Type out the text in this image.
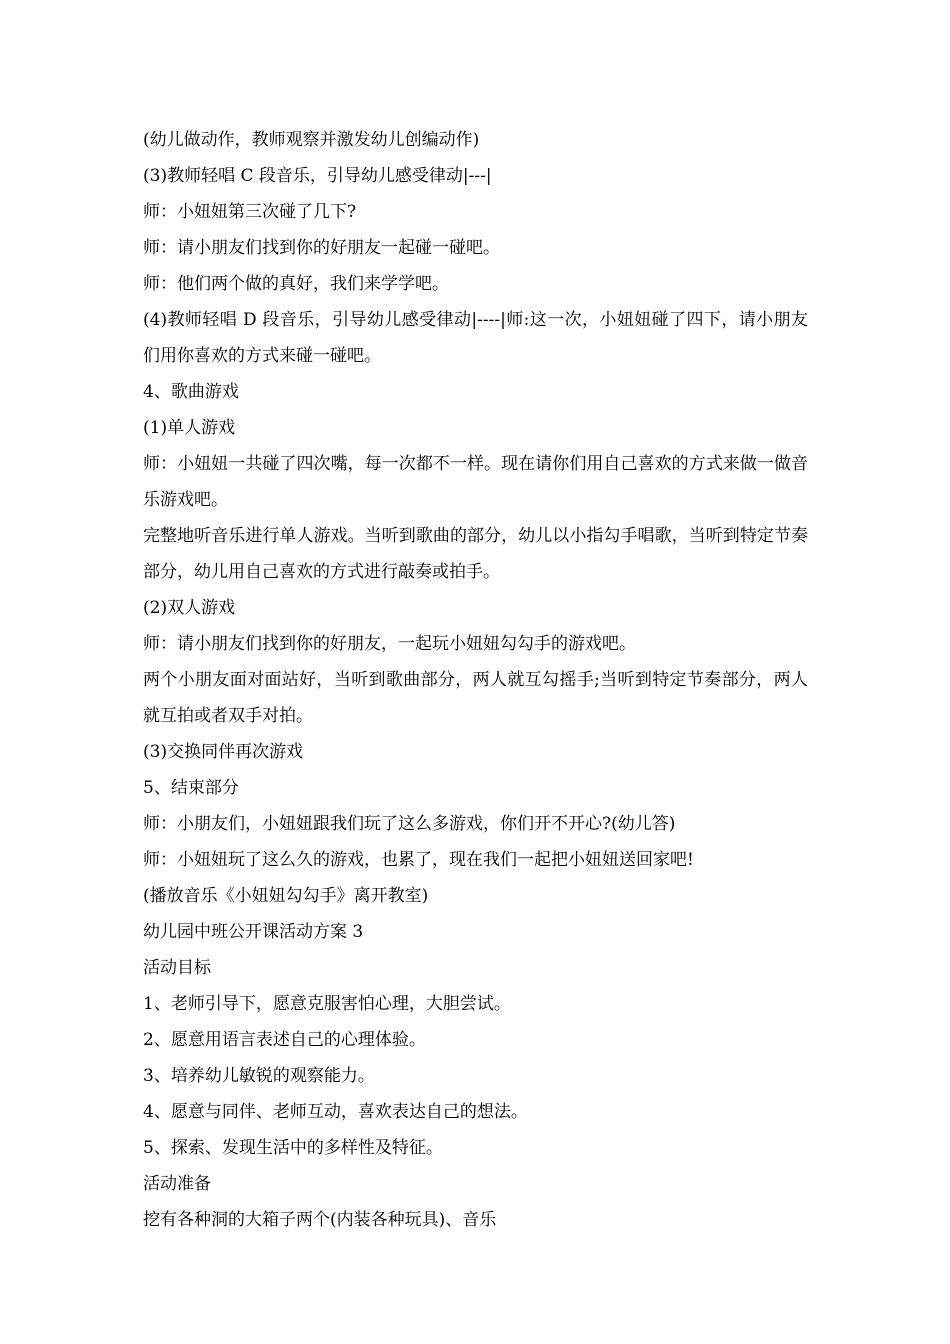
(幼儿做动作，教师观察并激发幼儿创编动作)

(3)教师轻唱 C 段音乐，引导幼儿感受律动|---|

师：小妞妞第三次碰了几下?

师：请小朋友们找到你的好朋友一起碰一碰吧。

师：他们两个做的真好，我们来学学吧。

(4)教师轻唱 D 段音乐，引导幼儿感受律动|----|师:这一次，小妞妞碰了四下，请小朋友们用你喜欢的方式来碰一碰吧。

4、歌曲游戏

(1)单人游戏

师：小妞妞一共碰了四次嘴，每一次都不一样。现在请你们用自己喜欢的方式来做一做音乐游戏吧。

完整地听音乐进行单人游戏。当听到歌曲的部分，幼儿以小指勾手唱歌，当听到特定节奏部分，幼儿用自己喜欢的方式进行敲奏或拍手。

(2)双人游戏

师：请小朋友们找到你的好朋友，一起玩小妞妞勾勾手的游戏吧。

两个小朋友面对面站好，当听到歌曲部分，两人就互勾摇手;当听到特定节奏部分，两人就互拍或者双手对拍。

(3)交换同伴再次游戏

5、结束部分

师：小朋友们，小妞妞跟我们玩了这么多游戏，你们开不开心?(幼儿答)

师：小妞妞玩了这么久的游戏，也累了，现在我们一起把小妞妞送回家吧!

(播放音乐《小妞妞勾勾手》离开教室)

幼儿园中班公开课活动方案 3

活动目标

1、老师引导下，愿意克服害怕心理，大胆尝试。

2、愿意用语言表述自己的心理体验。

3、培养幼儿敏锐的观察能力。

4、愿意与同伴、老师互动，喜欢表达自己的想法。

5、探索、发现生活中的多样性及特征。

活动准备

挖有各种洞的大箱子两个(内装各种玩具)、音乐
